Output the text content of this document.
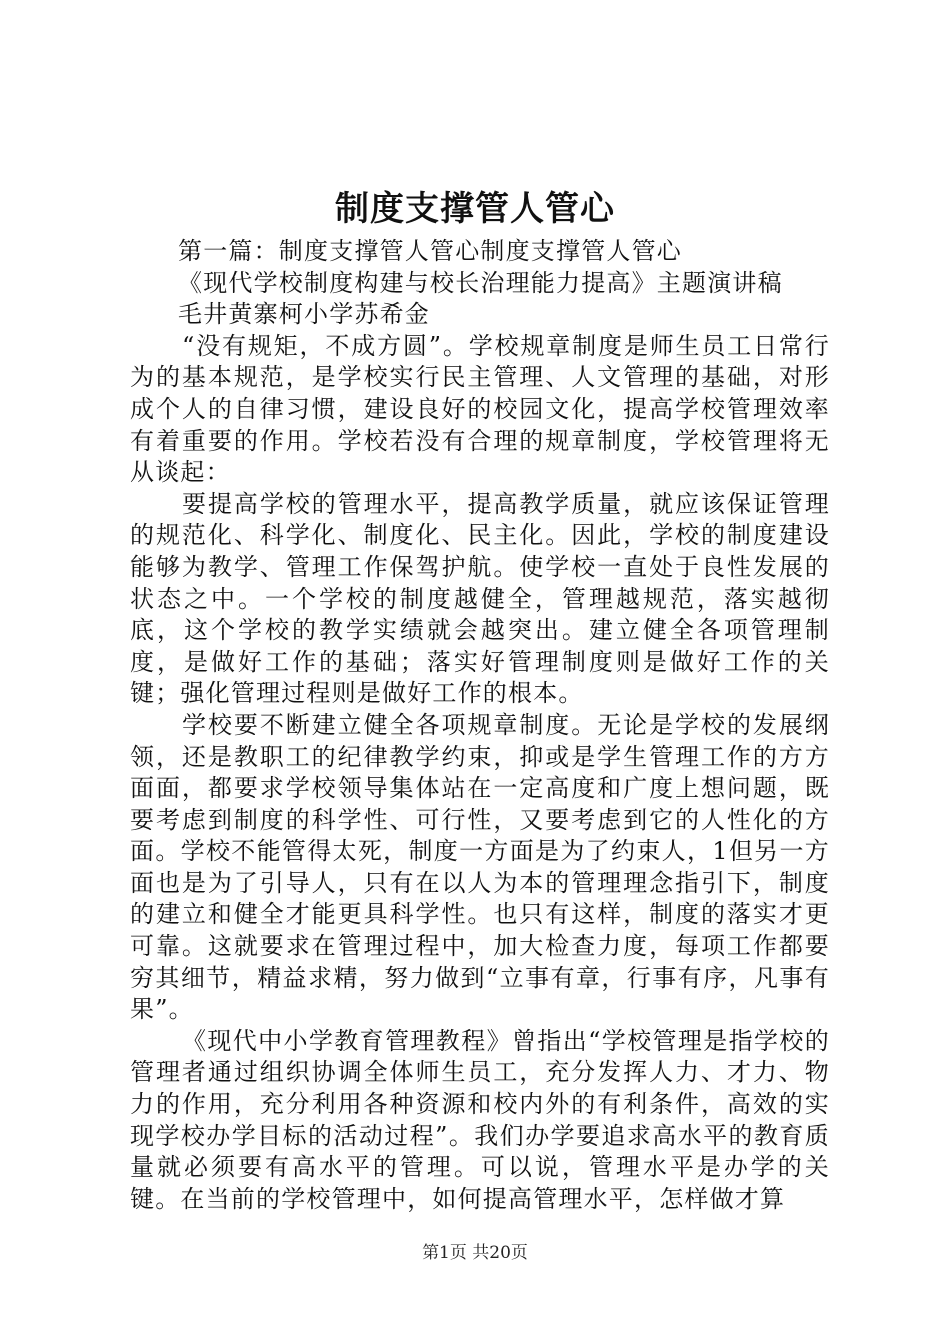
制度支撑管人管心

第一篇：制度支撑管人管心制度支撑管人管心

《现代学校制度构建与校长治理能力提高》主题演讲稿

毛井黄寨柯小学苏希金

“没有规矩，不成方圆”。学校规章制度是师生员工日常行为的基本规范，是学校实行民主管理、人文管理的基础，对形成个人的自律习惯，建设良好的校园文化，提高学校管理效率有着重要的作用。学校若没有合理的规章制度，学校管理将无从谈起：

要提高学校的管理水平，提高教学质量，就应该保证管理的规范化、科学化、制度化、民主化。因此，学校的制度建设能够为教学、管理工作保驾护航。使学校一直处于良性发展的状态之中。一个学校的制度越健全，管理越规范，落实越彻底，这个学校的教学实绩就会越突出。建立健全各项管理制度，是做好工作的基础；落实好管理制度则是做好工作的关键；强化管理过程则是做好工作的根本。

学校要不断建立健全各项规章制度。无论是学校的发展纲领，还是教职工的纪律教学约束，抑或是学生管理工作的方方面面，都要求学校领导集体站在一定高度和广度上想问题，既要考虑到制度的科学性、可行性，又要考虑到它的人性化的方面。学校不能管得太死，制度一方面是为了约束人，1但另一方面也是为了引导人，只有在以人为本的管理理念指引下，制度的建立和健全才能更具科学性。也只有这样，制度的落实才更可靠。这就要求在管理过程中，加大检查力度，每项工作都要穷其细节，精益求精，努力做到“立事有章，行事有序，凡事有果”。

《现代中小学教育管理教程》曾指出“学校管理是指学校的管理者通过组织协调全体师生员工，充分发挥人力、才力、物力的作用，充分利用各种资源和校内外的有利条件，高效的实现学校办学目标的活动过程”。我们办学要追求高水平的教育质量就必须要有高水平的管理。可以说，管理水平是办学的关键。在当前的学校管理中，如何提高管理水平，怎样做才算

第1页 共20页
